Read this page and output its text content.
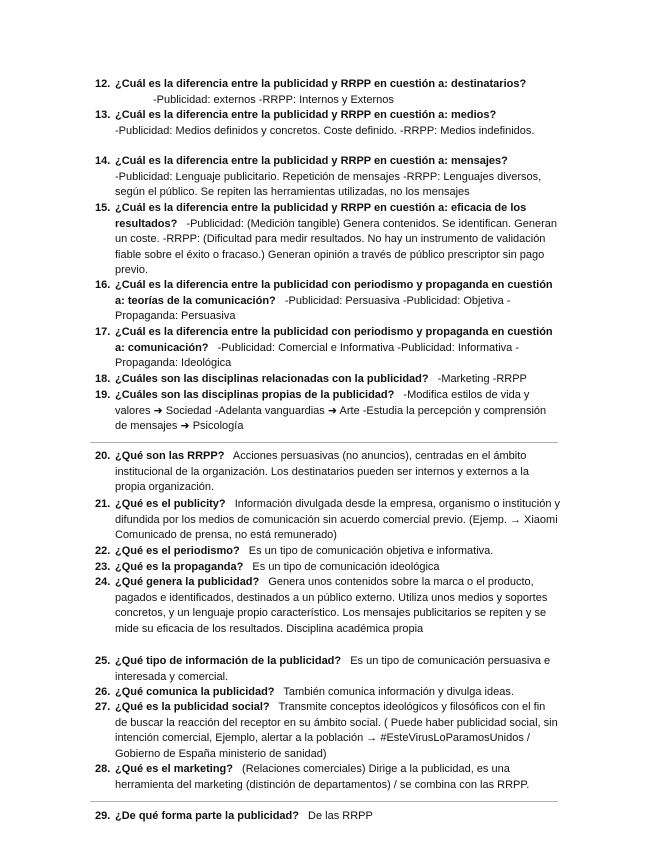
12. ¿Cuál es la diferencia entre la publicidad y RRPP en cuestión a: destinatarios?
-Publicidad: externos -RRPP: Internos y Externos
13. ¿Cuál es la diferencia entre la publicidad y RRPP en cuestión a: medios?
-Publicidad: Medios definidos y concretos. Coste definido. -RRPP: Medios indefinidos.
14. ¿Cuál es la diferencia entre la publicidad y RRPP en cuestión a: mensajes?
-Publicidad: Lenguaje publicitario. Repetición de mensajes -RRPP: Lenguajes diversos, según el público. Se repiten las herramientas utilizadas, no los mensajes
15. ¿Cuál es la diferencia entre la publicidad y RRPP en cuestión a: eficacia de los resultados? -Publicidad: (Medición tangible) Genera contenidos. Se identifican. Generan un coste. -RRPP: (Dificultad para medir resultados. No hay un instrumento de validación fiable sobre el éxito o fracaso.) Generan opinión a través de público prescriptor sin pago previo.
16. ¿Cuál es la diferencia entre la publicidad con periodismo y propaganda en cuestión a: teorías de la comunicación? -Publicidad: Persuasiva -Publicidad: Objetiva -Propaganda: Persuasiva
17. ¿Cuál es la diferencia entre la publicidad con periodismo y propaganda en cuestión a: comunicación? -Publicidad: Comercial e Informativa -Publicidad: Informativa -Propaganda: Ideológica
18. ¿Cuáles son las disciplinas relacionadas con la publicidad? -Marketing -RRPP
19. ¿Cuáles son las disciplinas propias de la publicidad? -Modifica estilos de vida y valores ➜ Sociedad -Adelanta vanguardias ➜ Arte -Estudia la percepción y comprensión de mensajes ➜ Psicología
20. ¿Qué son las RRPP? Acciones persuasivas (no anuncios), centradas en el ámbito institucional de la organización. Los destinatarios pueden ser internos y externos a la propia organización.
21. ¿Qué es el publicity? Información divulgada desde la empresa, organismo o institución y difundida por los medios de comunicación sin acuerdo comercial previo. (Ejemp. → Xiaomi Comunicado de prensa, no está remunerado)
22. ¿Qué es el periodismo? Es un tipo de comunicación objetiva e informativa.
23. ¿Qué es la propaganda? Es un tipo de comunicación ideológica
24. ¿Qué genera la publicidad? Genera unos contenidos sobre la marca o el producto, pagados e identificados, destinados a un público externo. Utiliza unos medios y soportes concretos, y un lenguaje propio característico. Los mensajes publicitarios se repiten y se mide su eficacia de los resultados. Disciplina académica propia
25. ¿Qué tipo de información de la publicidad? Es un tipo de comunicación persuasiva e interesada y comercial.
26. ¿Qué comunica la publicidad? También comunica información y divulga ideas.
27. ¿Qué es la publicidad social? Transmite conceptos ideológicos y filosóficos con el fin de buscar la reacción del receptor en su ámbito social. ( Puede haber publicidad social, sin intención comercial, Ejemplo, alertar a la población → #EsteVirusLoParamosUnidos / Gobierno de España ministerio de sanidad)
28. ¿Qué es el marketing? (Relaciones comerciales) Dirige a la publicidad, es una herramienta del marketing (distinción de departamentos) / se combina con las RRPP.
29. ¿De qué forma parte la publicidad? De las RRPP
